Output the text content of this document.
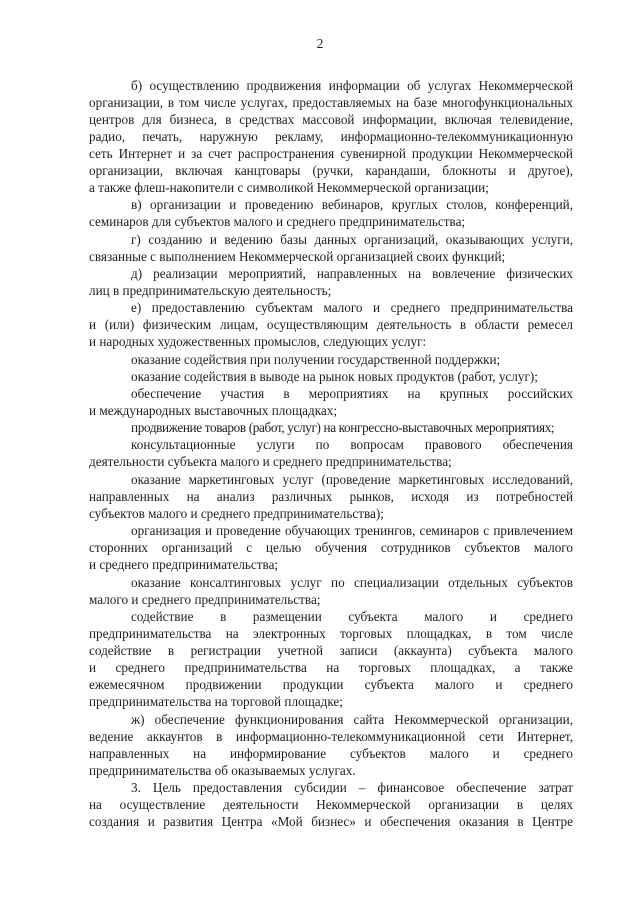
2
б) осуществлению продвижения информации об услугах Некоммерческой
организации, в том числе услугах, предоставляемых на базе многофункциональных
центров для бизнеса, в средствах массовой информации, включая телевидение,
радио, печать, наружную рекламу, информационно-телекоммуникационную
сеть Интернет и за счет распространения сувенирной продукции Некоммерческой
организации, включая канцтовары (ручки, карандаши, блокноты и другое),
а также флеш-накопители с символикой Некоммерческой организации;
в) организации и проведению вебинаров, круглых столов, конференций,
семинаров для субъектов малого и среднего предпринимательства;
г) созданию и ведению базы данных организаций, оказывающих услуги,
связанные с выполнением Некоммерческой организацией своих функций;
д) реализации мероприятий, направленных на вовлечение физических
лиц в предпринимательскую деятельность;
е) предоставлению субъектам малого и среднего предпринимательства
и (или) физическим лицам, осуществляющим деятельность в области ремесел
и народных художественных промыслов, следующих услуг:
оказание содействия при получении государственной поддержки;
оказание содействия в выводе на рынок новых продуктов (работ, услуг);
обеспечение участия в мероприятиях на крупных российских
и международных выставочных площадках;
продвижение товаров (работ, услуг) на конгрессно-выставочных мероприятиях;
консультационные услуги по вопросам правового обеспечения
деятельности субъекта малого и среднего предпринимательства;
оказание маркетинговых услуг (проведение маркетинговых исследований,
направленных на анализ различных рынков, исходя из потребностей
субъектов малого и среднего предпринимательства);
организация и проведение обучающих тренингов, семинаров с привлечением
сторонних организаций с целью обучения сотрудников субъектов малого
и среднего предпринимательства;
оказание консалтинговых услуг по специализации отдельных субъектов
малого и среднего предпринимательства;
содействие в размещении субъекта малого и среднего
предпринимательства на электронных торговых площадках, в том числе
содействие в регистрации учетной записи (аккаунта) субъекта малого
и среднего предпринимательства на торговых площадках, а также
ежемесячном продвижении продукции субъекта малого и среднего
предпринимательства на торговой площадке;
ж) обеспечение функционирования сайта Некоммерческой организации,
ведение аккаунтов в информационно-телекоммуникационной сети Интернет,
направленных на информирование субъектов малого и среднего
предпринимательства об оказываемых услугах.
3. Цель предоставления субсидии – финансовое обеспечение затрат
на осуществление деятельности Некоммерческой организации в целях
создания и развития Центра «Мой бизнес» и обеспечения оказания в Центре
